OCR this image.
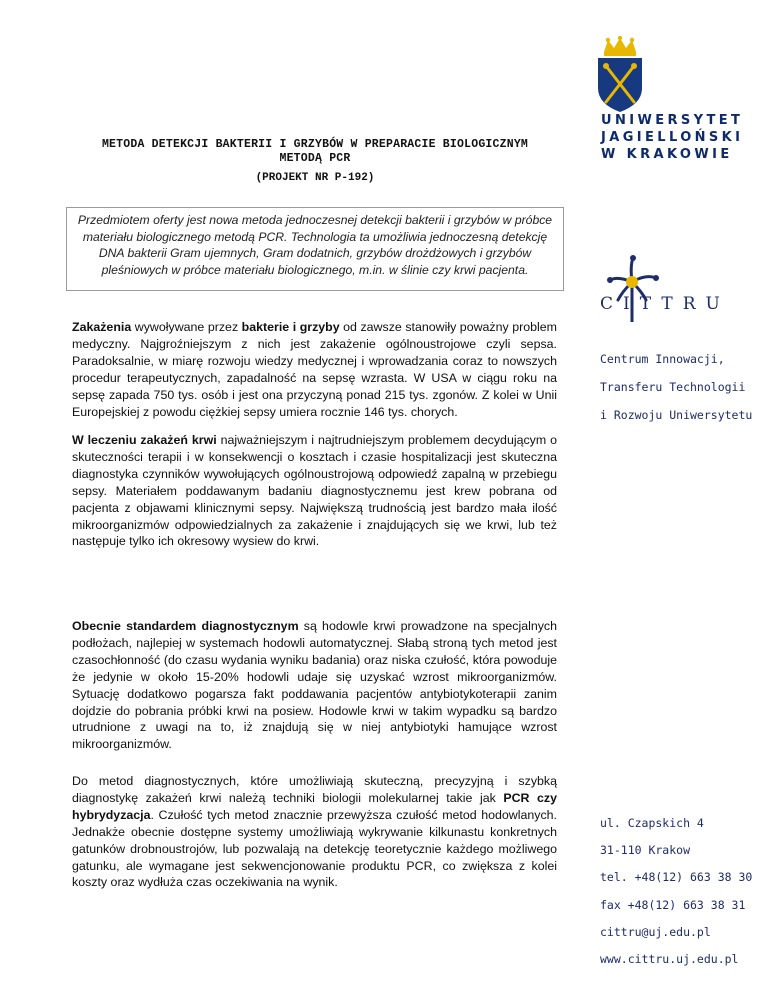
METODA DETEKCJI BAKTERII I GRZYBÓW W PREPARACIE BIOLOGICZNYM METODĄ PCR
(PROJEKT NR P-192)
Przedmiotem oferty jest nowa metoda jednoczesnej detekcji bakterii i grzybów w próbce materiału biologicznego metodą PCR. Technologia ta umożliwia jednoczesną detekcję DNA bakterii Gram ujemnych, Gram dodatnich, grzybów drożdżowych i grzybów pleśniowych w próbce materiału biologicznego, m.in. w ślinie czy krwi pacjenta.
Zakażenia wywoływane przez bakterie i grzyby od zawsze stanowiły poważny problem medyczny. Najgroźniejszym z nich jest zakażenie ogólnoustrojowe czyli sepsa. Paradoksalnie, w miarę rozwoju wiedzy medycznej i wprowadzania coraz to nowszych procedur terapeutycznych, zapadalność na sepsę wzrasta. W USA w ciągu roku na sepsę zapada 750 tys. osób i jest ona przyczyną ponad 215 tys. zgonów. Z kolei w Unii Europejskiej z powodu ciężkiej sepsy umiera rocznie 146 tys. chorych.
W leczeniu zakażeń krwi najważniejszym i najtrudniejszym problemem decydującym o skuteczności terapii i w konsekwencji o kosztach i czasie hospitalizacji jest skuteczna diagnostyka czynników wywołujących ogólnoustrojową odpowiedź zapalną w przebiegu sepsy. Materiałem poddawanym badaniu diagnostycznemu jest krew pobrana od pacjenta z objawami klinicznymi sepsy. Największą trudnością jest bardzo mała ilość mikroorganizmów odpowiedzialnych za zakażenie i znajdujących się we krwi, lub też następuje tylko ich okresowy wysiew do krwi.
Obecnie standardem diagnostycznym są hodowle krwi prowadzone na specjalnych podłożach, najlepiej w systemach hodowli automatycznej. Słabą stroną tych metod jest czasochłonność (do czasu wydania wyniku badania) oraz niska czułość, która powoduje że jedynie w około 15-20% hodowli udaje się uzyskać wzrost mikroorganizmów. Sytuację dodatkowo pogarsza fakt poddawania pacjentów antybiotykoterapii zanim dojdzie do pobrania próbki krwi na posiew. Hodowle krwi w takim wypadku są bardzo utrudnione z uwagi na to, iż znajdują się w niej antybiotyki hamujące wzrost mikroorganizmów.
Do metod diagnostycznych, które umożliwiają skuteczną, precyzyjną i szybką diagnostykę zakażeń krwi należą techniki biologii molekularnej takie jak PCR czy hybrydyzacja. Czułość tych metod znacznie przewyższa czułość metod hodowlanych. Jednakże obecnie dostępne systemy umożliwiają wykrywanie kilkunastu konkretnych gatunków drobnoustrojów, lub pozwalają na detekcję teoretycznie każdego możliwego gatunku, ale wymagane jest sekwencjonowanie produktu PCR, co zwiększa z kolei koszty oraz wydłuża czas oczekiwania na wynik.
UNIWERSYTET
JAGIELLOŃSKI
W KRAKOWIE
CITTRU
Centrum Innowacji,
Transferu Technologii
i Rozwoju Uniwersytetu
ul. Czapskich 4
31-110 Krakow
tel. +48(12) 663 38 30
fax +48(12) 663 38 31
cittru@uj.edu.pl
www.cittru.uj.edu.pl
